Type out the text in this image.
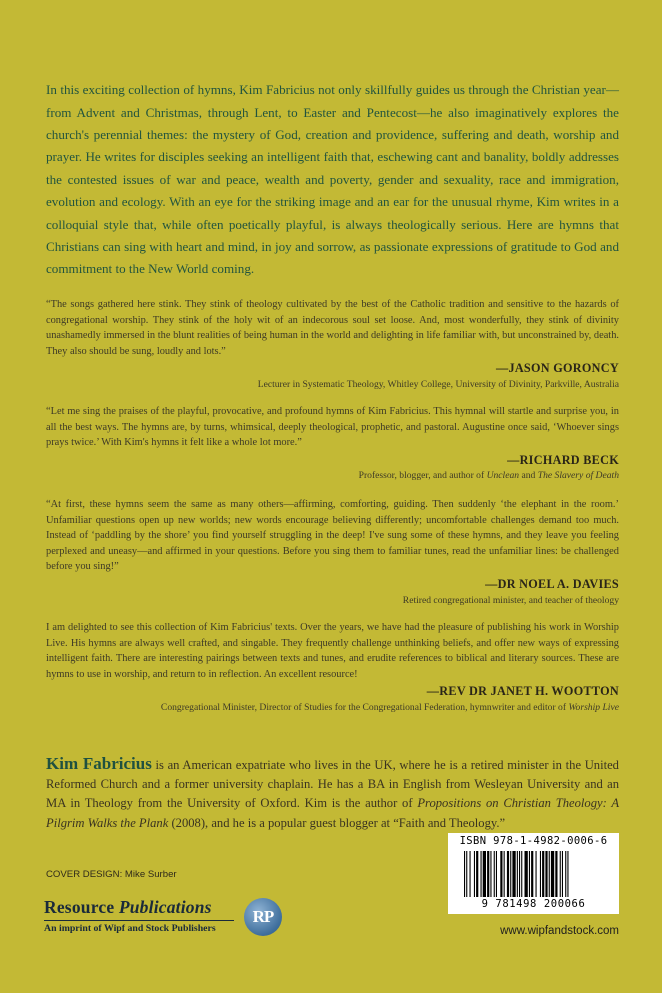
In this exciting collection of hymns, Kim Fabricius not only skillfully guides us through the Christian year—from Advent and Christmas, through Lent, to Easter and Pentecost—he also imaginatively explores the church's perennial themes: the mystery of God, creation and providence, suffering and death, worship and prayer. He writes for disciples seeking an intelligent faith that, eschewing cant and banality, boldly addresses the contested issues of war and peace, wealth and poverty, gender and sexuality, race and immigration, evolution and ecology. With an eye for the striking image and an ear for the unusual rhyme, Kim writes in a colloquial style that, while often poetically playful, is always theologically serious. Here are hymns that Christians can sing with heart and mind, in joy and sorrow, as passionate expressions of gratitude to God and commitment to the New World coming.

“The songs gathered here stink. They stink of theology cultivated by the best of the Catholic tradition and sensitive to the hazards of congregational worship. They stink of the holy wit of an indecorous soul set loose. And, most wonderfully, they stink of divinity unashamedly immersed in the blunt realities of being human in the world and delighting in life familiar with, but unconstrained by, death. They also should be sung, loudly and lots.”

—JASON GORONCY
Lecturer in Systematic Theology, Whitley College, University of Divinity, Parkville, Australia

“Let me sing the praises of the playful, provocative, and profound hymns of Kim Fabricius. This hymnal will startle and surprise you, in all the best ways. The hymns are, by turns, whimsical, deeply theological, prophetic, and pastoral. Augustine once said, ‘Whoever sings prays twice.’ With Kim's hymns it felt like a whole lot more.”

—RICHARD BECK
Professor, blogger, and author of Unclean and The Slavery of Death

“At first, these hymns seem the same as many others—affirming, comforting, guiding. Then suddenly ‘the elephant in the room.’ Unfamiliar questions open up new worlds; new words encourage believing differently; uncomfortable challenges demand too much. Instead of ‘paddling by the shore’ you find yourself struggling in the deep! I've sung some of these hymns, and they leave you feeling perplexed and uneasy—and affirmed in your questions. Before you sing them to familiar tunes, read the unfamiliar lines: be challenged before you sing!”

—DR NOEL A. DAVIES
Retired congregational minister, and teacher of theology

I am delighted to see this collection of Kim Fabricius' texts. Over the years, we have had the pleasure of publishing his work in Worship Live. His hymns are always well crafted, and singable. They frequently challenge unthinking beliefs, and offer new ways of expressing intelligent faith. There are interesting pairings between texts and tunes, and erudite references to biblical and literary sources. These are hymns to use in worship, and return to in reflection. An excellent resource!

—REV DR JANET H. WOOTTON
Congregational Minister, Director of Studies for the Congregational Federation, hymnwriter and editor of Worship Live

Kim Fabricius is an American expatriate who lives in the UK, where he is a retired minister in the United Reformed Church and a former university chaplain. He has a BA in English from Wesleyan University and an MA in Theology from the University of Oxford. Kim is the author of Propositions on Christian Theology: A Pilgrim Walks the Plank (2008), and he is a popular guest blogger at “Faith and Theology.”

COVER DESIGN: Mike Surber
Resource Publications
An imprint of Wipf and Stock Publishers
RP
ISBN 978-1-4982-0006-6
9 781498 200066
www.wipfandstock.com
